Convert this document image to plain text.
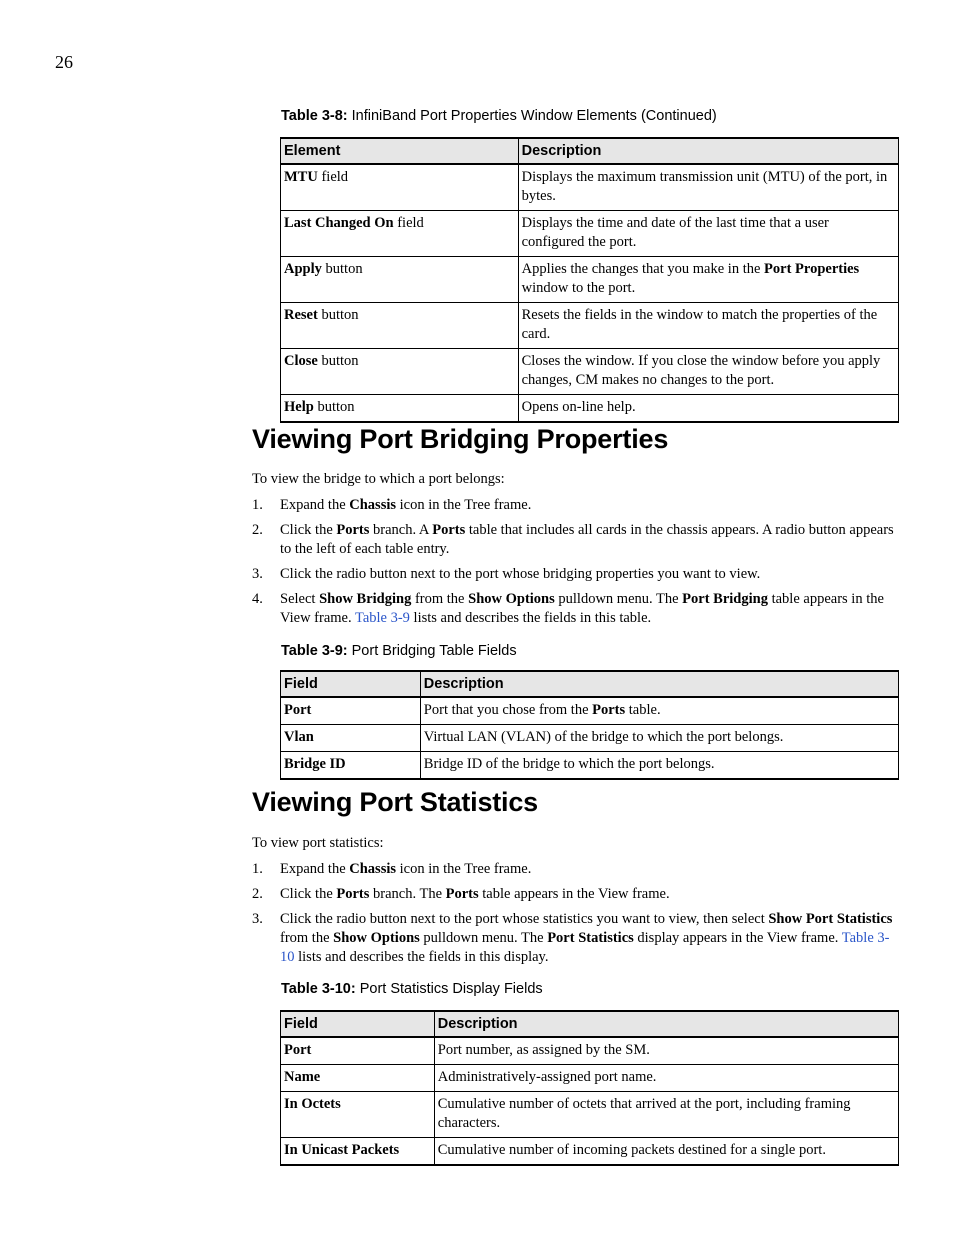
26
Table 3-8: InfiniBand Port Properties Window Elements (Continued)
Element	Description
MTU field	Displays the maximum transmission unit (MTU) of the port, in bytes.
Last Changed On field	Displays the time and date of the last time that a user configured the port.
Apply button	Applies the changes that you make in the Port Properties window to the port.
Reset button	Resets the fields in the window to match the properties of the card.
Close button	Closes the window. If you close the window before you apply changes, CM makes no changes to the port.
Help button	Opens on-line help.
Viewing Port Bridging Properties

To view the bridge to which a port belongs:

1. Expand the Chassis icon in the Tree frame.
2. Click the Ports branch. A Ports table that includes all cards in the chassis appears. A radio button appears to the left of each table entry.
3. Click the radio button next to the port whose bridging properties you want to view.
4. Select Show Bridging from the Show Options pulldown menu. The Port Bridging table appears in the View frame. Table 3-9 lists and describes the fields in this table.
Table 3-9: Port Bridging Table Fields
Field	Description
Port	Port that you chose from the Ports table.
Vlan	Virtual LAN (VLAN) of the bridge to which the port belongs.
Bridge ID	Bridge ID of the bridge to which the port belongs.
Viewing Port Statistics

To view port statistics:

1. Expand the Chassis icon in the Tree frame.
2. Click the Ports branch. The Ports table appears in the View frame.
3. Click the radio button next to the port whose statistics you want to view, then select Show Port Statistics from the Show Options pulldown menu. The Port Statistics display appears in the View frame. Table 3-10 lists and describes the fields in this display.
Table 3-10: Port Statistics Display Fields
Field	Description
Port	Port number, as assigned by the SM.
Name	Administratively-assigned port name.
In Octets	Cumulative number of octets that arrived at the port, including framing characters.
In Unicast Packets	Cumulative number of incoming packets destined for a single port.
